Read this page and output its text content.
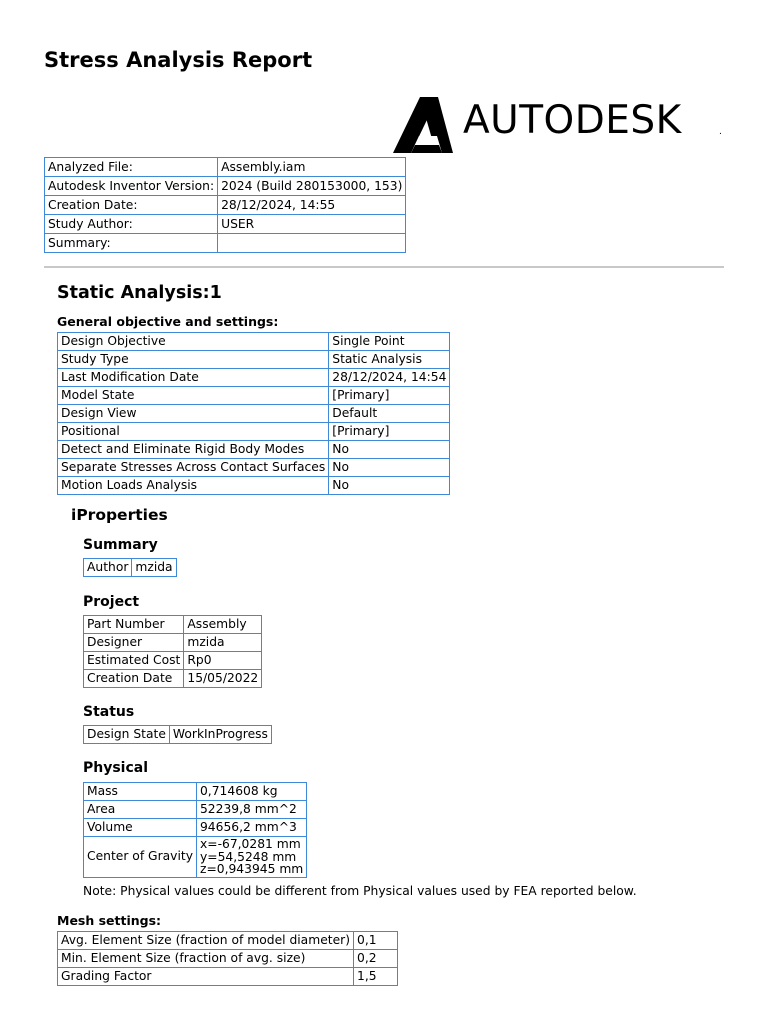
Stress Analysis Report
AUTODESK	.
Analyzed File:	Assembly.iam
Autodesk Inventor Version:	2024 (Build 280153000, 153)
Creation Date:	28/12/2024, 14:55
Study Author:	USER
Summary:	
Static Analysis:1

General objective and settings:

Design Objective	Single Point
Study Type	Static Analysis
Last Modification Date	28/12/2024, 14:54
Model State	[Primary]
Design View	Default
Positional	[Primary]
Detect and Eliminate Rigid Body Modes	No
Separate Stresses Across Contact Surfaces	No
Motion Loads Analysis	No
iProperties
Summary
Author	mzida
Project
Part Number	Assembly
Designer	mzida
Estimated Cost	Rp0
Creation Date	15/05/2022
Status
Design State	WorkInProgress
Physical
Mass	0,714608 kg
Area	52239,8 mm^2
Volume	94656,2 mm^3
Center of Gravity	x=-67,0281 mm
y=54,5248 mm
z=0,943945 mm

Note: Physical values could be different from Physical values used by FEA reported below.

Mesh settings:

Avg. Element Size (fraction of model diameter)	0,1
Min. Element Size (fraction of avg. size)	0,2
Grading Factor	1,5
